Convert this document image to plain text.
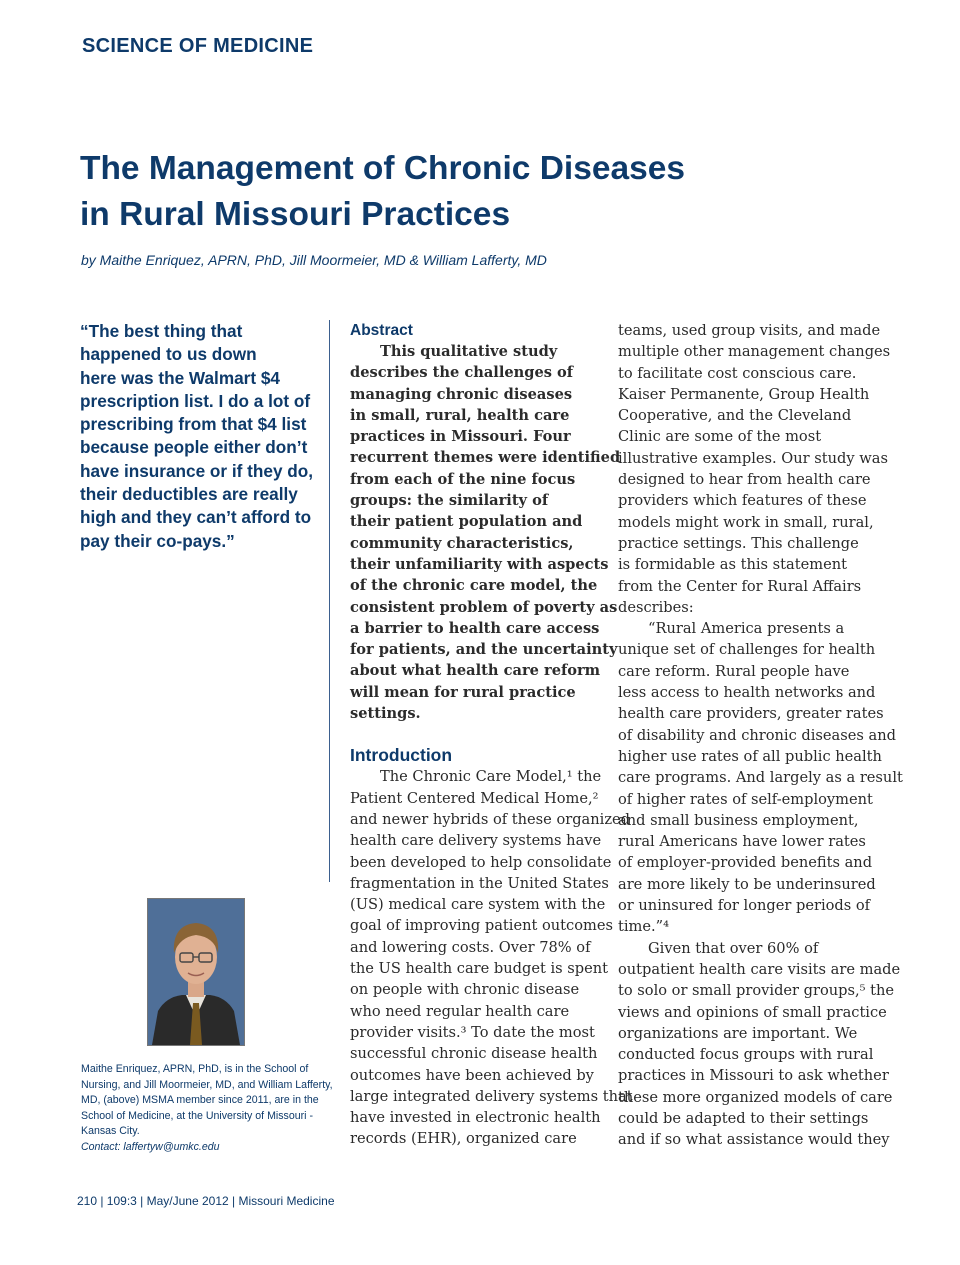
SCIENCE OF MEDICINE
The Management of Chronic Diseases
in Rural Missouri Practices
by Maithe Enriquez, APRN, PhD, Jill Moormeier, MD & William Lafferty, MD
“The best thing that
happened to us down
here was the Walmart $4
prescription list. I do a lot of
prescribing from that $4 list
because people either don’t
have insurance or if they do,
their deductibles are really
high and they can’t afford to
pay their co-pays.”
Maithe Enriquez, APRN, PhD, is in the School of Nursing, and Jill Moormeier, MD, and William Lafferty, MD, (above) MSMA member since 2011, are in the School of Medicine, at the University of Missouri - Kansas City.
Contact: laffertyw@umkc.edu
Abstract
This qualitative study
describes the challenges of
managing chronic diseases
in small, rural, health care
practices in Missouri. Four
recurrent themes were identified
from each of the nine focus
groups: the similarity of
their patient population and
community characteristics,
their unfamiliarity with aspects
of the chronic care model, the
consistent problem of poverty as
a barrier to health care access
for patients, and the uncertainty
about what health care reform
will mean for rural practice
settings.
Introduction
The Chronic Care Model,¹ the
Patient Centered Medical Home,²
and newer hybrids of these organized
health care delivery systems have
been developed to help consolidate
fragmentation in the United States
(US) medical care system with the
goal of improving patient outcomes
and lowering costs. Over 78% of
the US health care budget is spent
on people with chronic disease
who need regular health care
provider visits.³ To date the most
successful chronic disease health
outcomes have been achieved by
large integrated delivery systems that
have invested in electronic health
records (EHR), organized care
teams, used group visits, and made
multiple other management changes
to facilitate cost conscious care.
Kaiser Permanente, Group Health
Cooperative, and the Cleveland
Clinic are some of the most
illustrative examples. Our study was
designed to hear from health care
providers which features of these
models might work in small, rural,
practice settings. This challenge
is formidable as this statement
from the Center for Rural Affairs
describes:
“Rural America presents a
unique set of challenges for health
care reform. Rural people have
less access to health networks and
health care providers, greater rates
of disability and chronic diseases and
higher use rates of all public health
care programs. And largely as a result
of higher rates of self-employment
and small business employment,
rural Americans have lower rates
of employer-provided benefits and
are more likely to be underinsured
or uninsured for longer periods of
time.”⁴
Given that over 60% of
outpatient health care visits are made
to solo or small provider groups,⁵ the
views and opinions of small practice
organizations are important. We
conducted focus groups with rural
practices in Missouri to ask whether
these more organized models of care
could be adapted to their settings
and if so what assistance would they
210 | 109:3 | May/June 2012 | Missouri Medicine
